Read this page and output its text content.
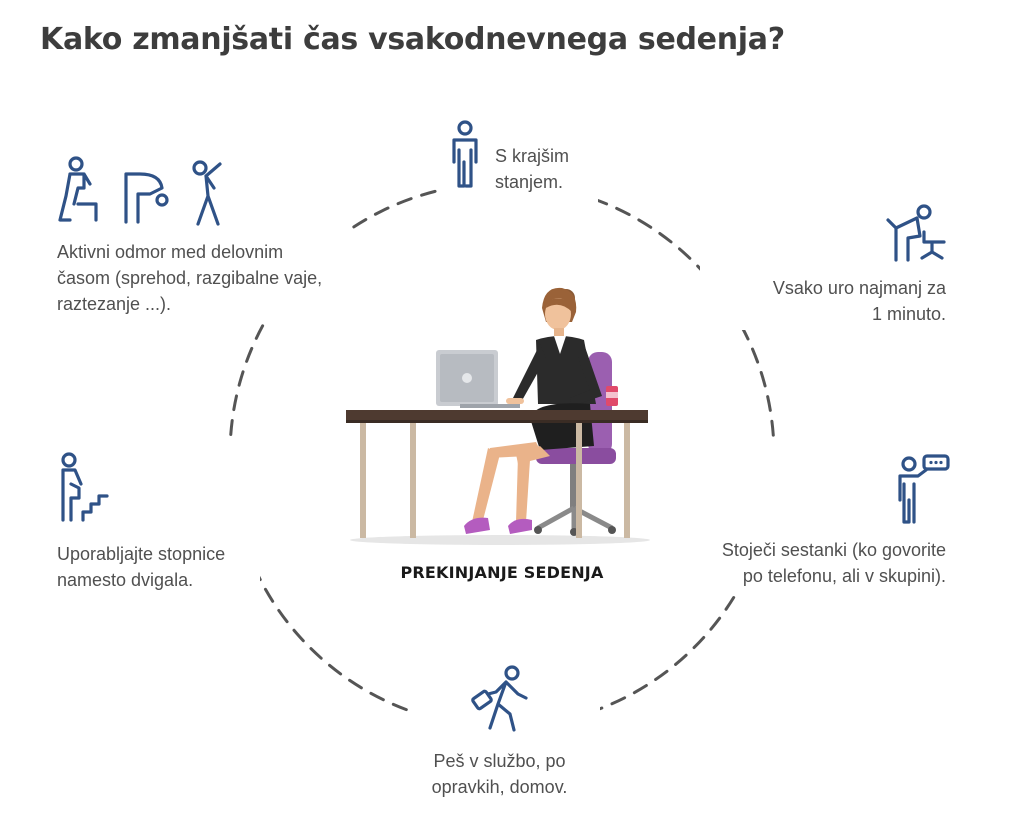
Kako zmanjšati čas vsakodnevnega sedenja?
S krajšim
stanjem.
Vsako uro najmanj za
1 minuto.
Stoječi sestanki (ko govorite
po telefonu, ali v skupini).
Peš v službo, po
opravkih, domov.
Uporabljajte stopnice
namesto dvigala.
Aktivni odmor med delovnim
časom (sprehod, razgibalne vaje,
raztezanje ...).
PREKINJANJE SEDENJA
